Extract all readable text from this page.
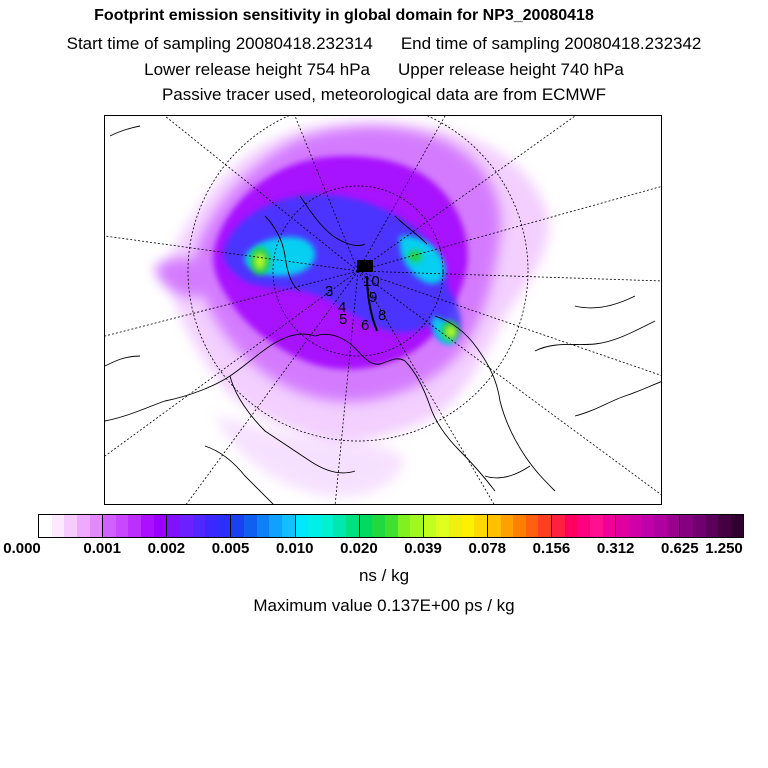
Footprint emission sensitivity in global domain for NP3_20080418
Start time of sampling 20080418.232314 End time of sampling 20080418.232342
Lower release height 754 hPa Upper release height 740 hPa
Passive tracer used, meteorological data are from ECMWF
10
9
8
6
5
4
3
0.000	0.001 0.002 0.005 0.010 0.020 0.039 0.078 0.156 0.312 0.625 1.250
ns / kg
Maximum value 0.137E+00 ps / kg
